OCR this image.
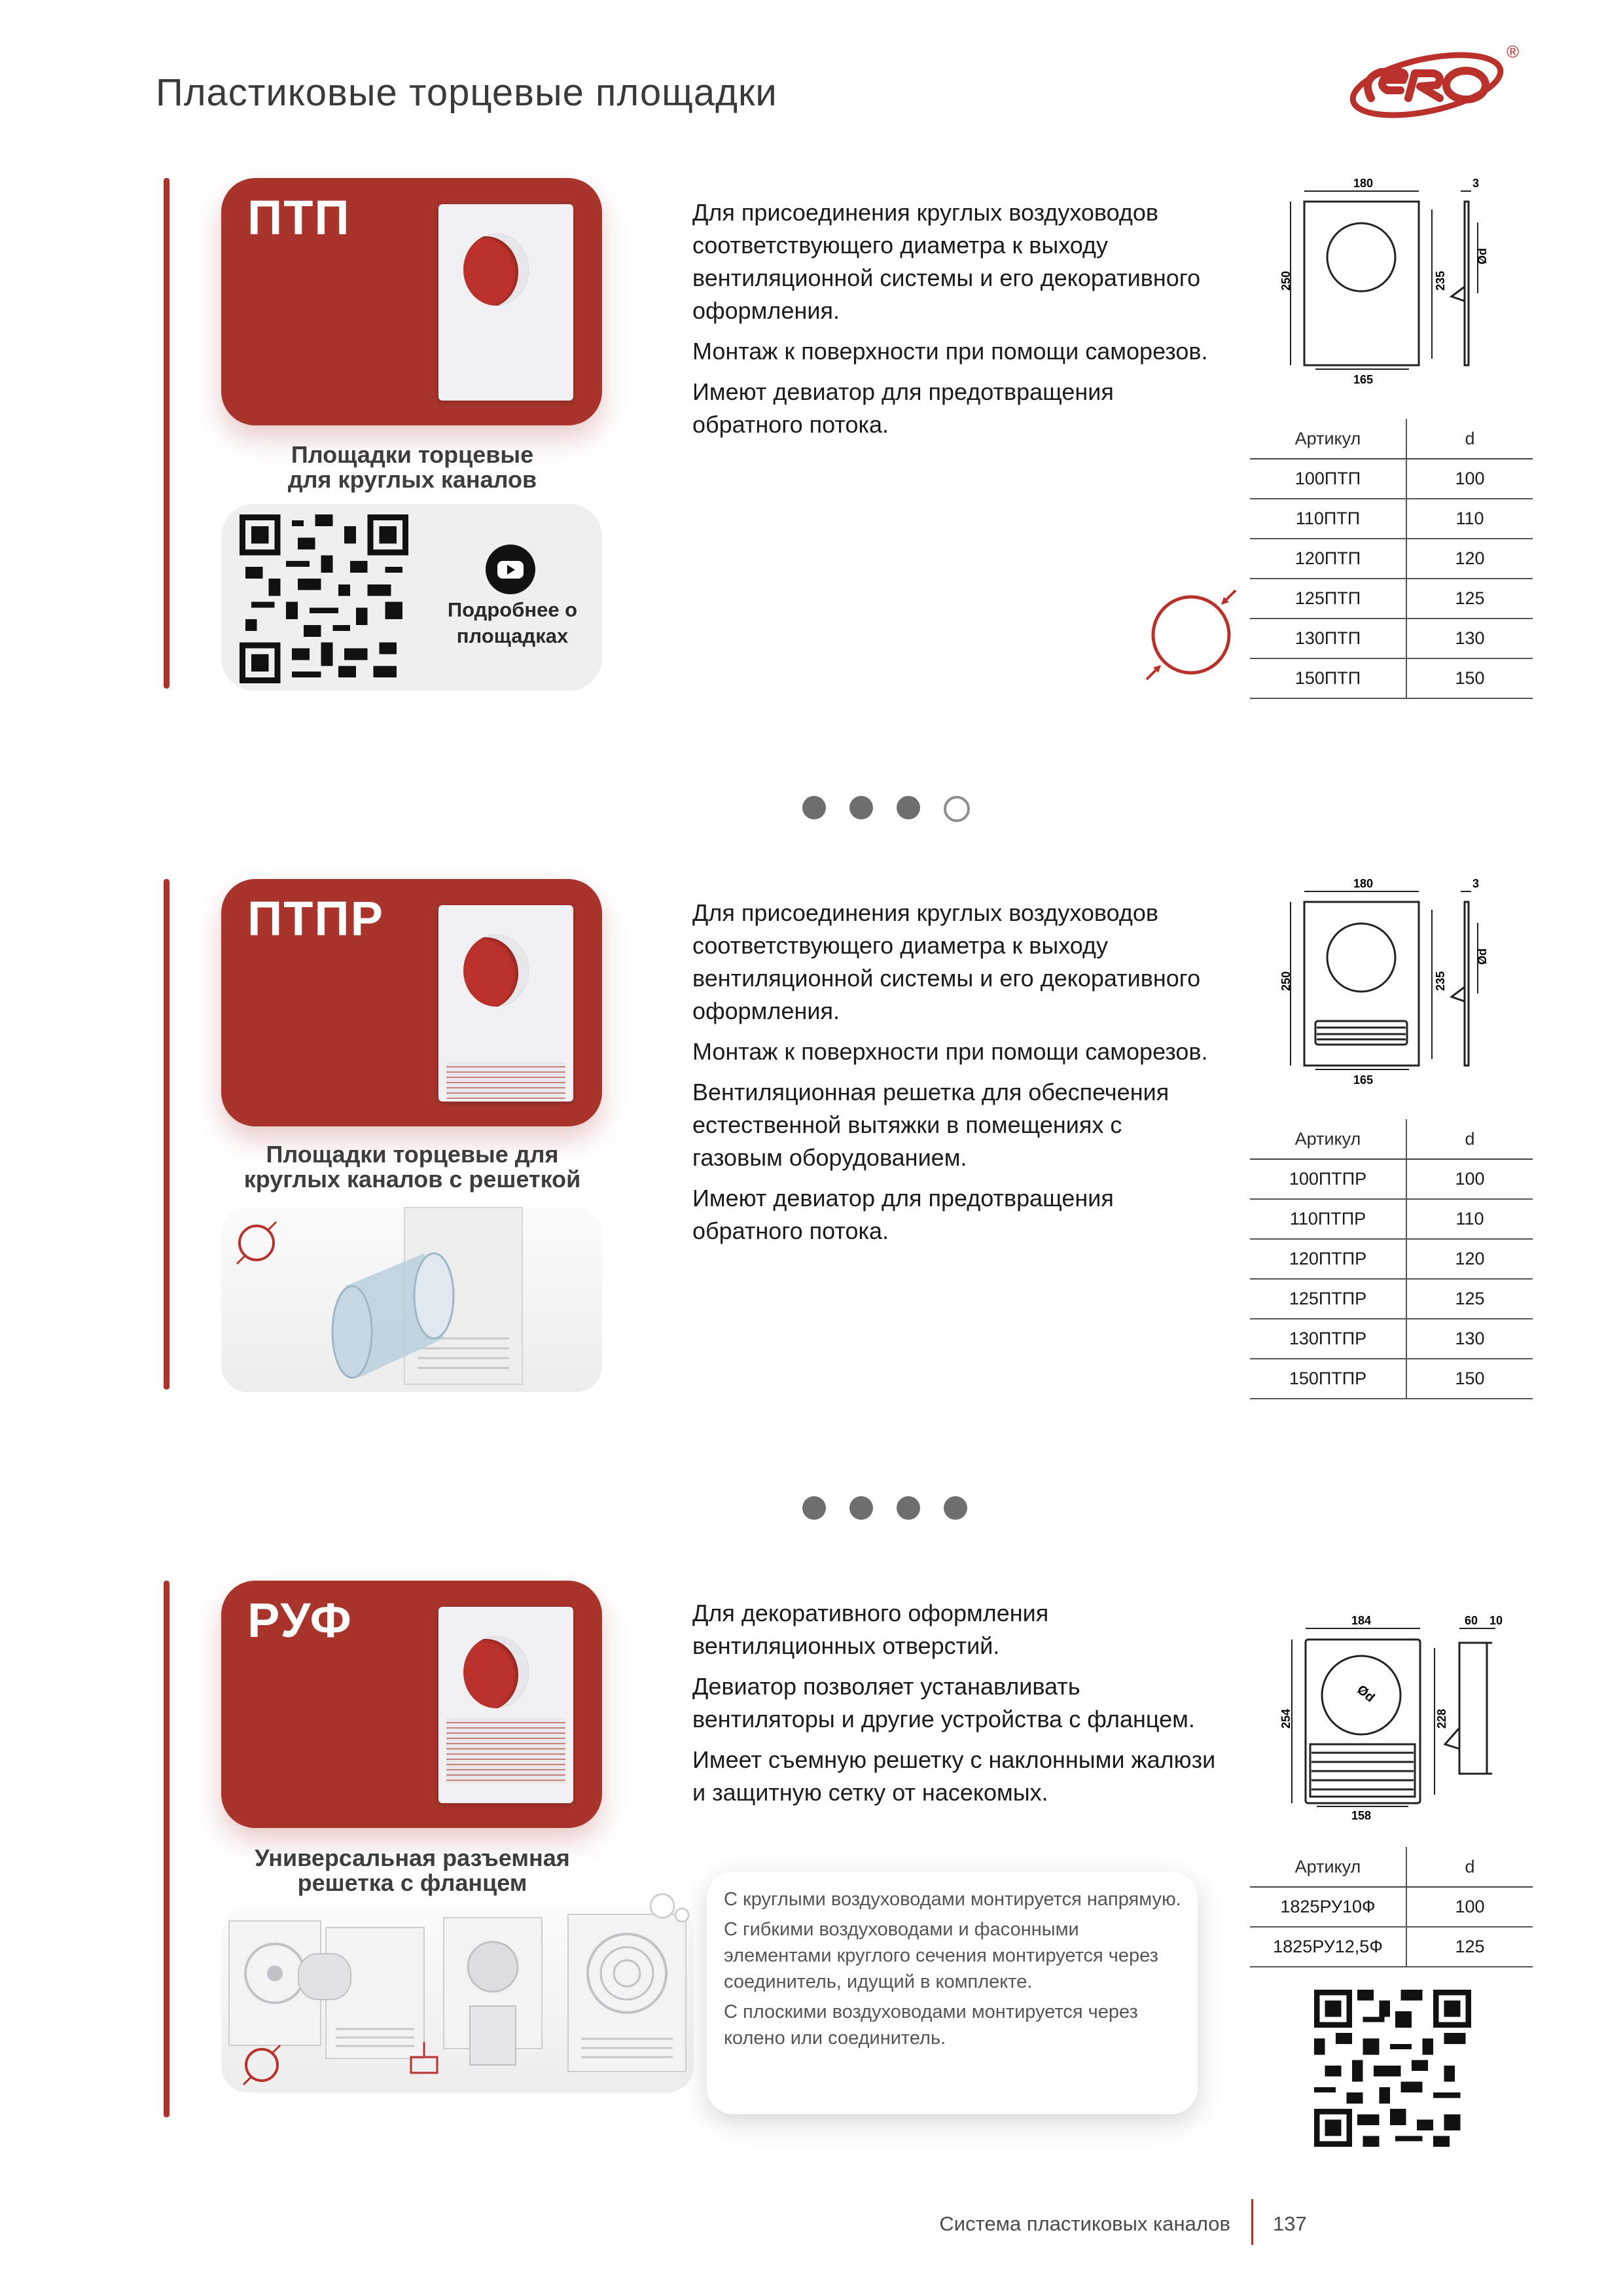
Пластиковые торцевые площадки
®
ПТП
Площадки торцевые
для круглых каналов
Подробнее о
площадках

Для присоединения круглых воздуховодов соответствующего диаметра к выходу вентиляционной системы и его декоративного оформления.

Монтаж к поверхности при помощи саморезов.

Имеют девиатор для предотвращения обратного потока.

180
165
250	235
3
Ød
Артикул	d
100ПТП	100
110ПТП	110
120ПТП	120
125ПТП	125
130ПТП	130
150ПТП	150
ПТПР
Площадки торцевые для
круглых каналов с решеткой

Для присоединения круглых воздуховодов соответствующего диаметра к выходу вентиляционной системы и его декоративного оформления.

Монтаж к поверхности при помощи саморезов.

Вентиляционная решетка для обеспечения естественной вытяжки в помещениях с газовым оборудованием.

Имеют девиатор для предотвращения обратного потока.

180
165
250	235
3
Ød
Артикул	d
100ПТПР	100
110ПТПР	110
120ПТПР	120
125ПТПР	125
130ПТПР	130
150ПТПР	150
РУФ
Универсальная разъемная
решетка с фланцем

С круглыми воздуховодами монтируется напрямую.

С гибкими воздуховодами и фасонными элементами круглого сечения монтируется через соединитель, идущий в комплекте.

С плоскими воздуховодами монтируется через колено или соединитель.

Для декоративного оформления вентиляционных отверстий.

Девиатор позволяет устанавливать вентиляторы и другие устройства с фланцем.

Имеет съемную решетку с наклонными жалюзи и защитную сетку от насекомых.

184
158
254	228
60 10
Ød
Артикул	d
1825РУ10Ф	100
1825РУ12,5Ф	125
Система пластиковых каналов 137
